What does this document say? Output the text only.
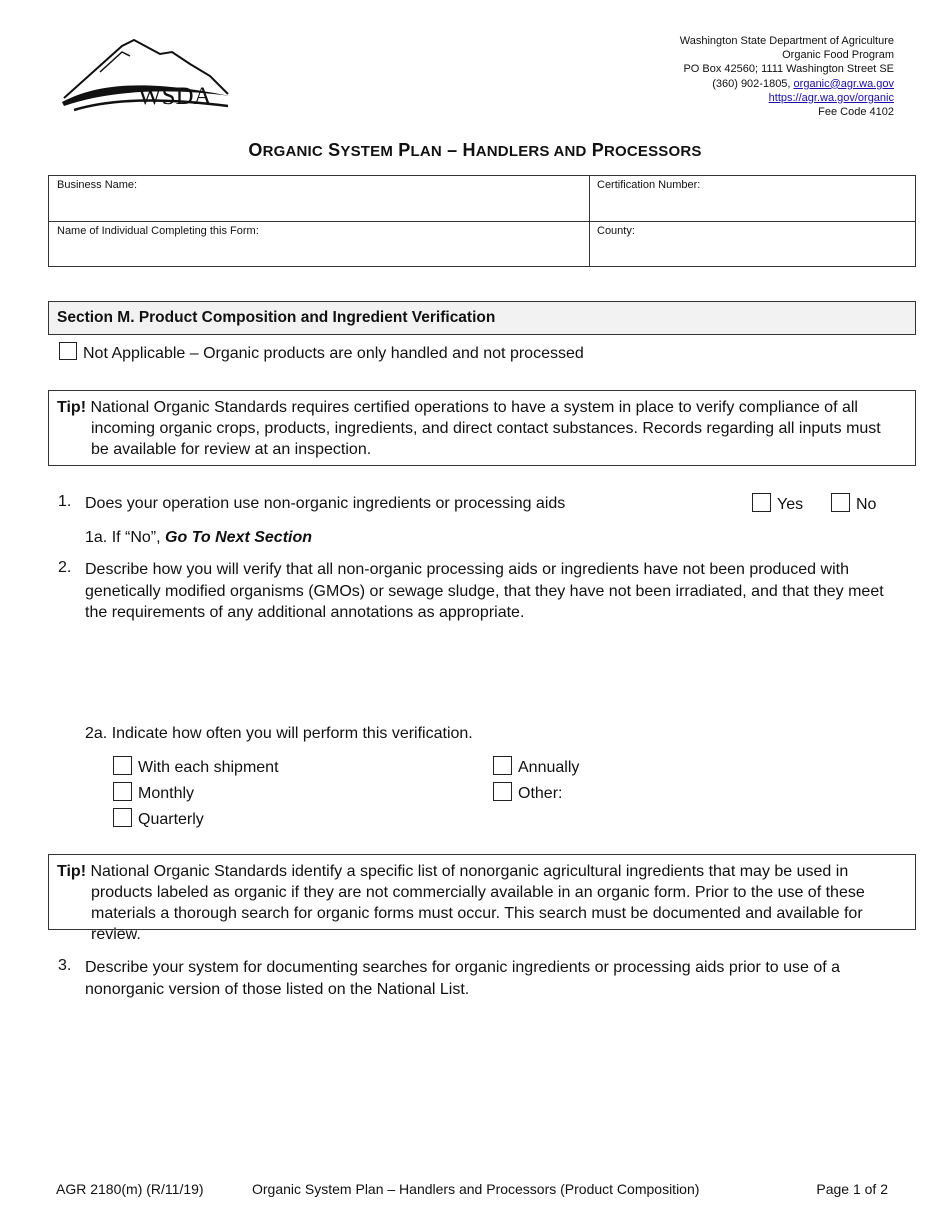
WSDA
Washington State Department of Agriculture
Organic Food Program
PO Box 42560; 1111 Washington Street SE
(360) 902-1805, organic@agr.wa.gov
https://agr.wa.gov/organic
Fee Code 4102
ORGANIC SYSTEM PLAN – HANDLERS AND PROCESSORS
Business Name:	Certification Number:
Name of Individual Completing this Form:	County:
Section M. Product Composition and Ingredient Verification
Not Applicable – Organic products are only handled and not processed
Tip! National Organic Standards requires certified operations to have a system in place to verify compliance of all incoming organic crops, products, ingredients, and direct contact substances. Records regarding all inputs must be available for review at an inspection.
1. Does your operation use non-organic ingredients or processing aids	Yes	No
1a. If “No”, Go To Next Section
2. Describe how you will verify that all non-organic processing aids or ingredients have not been produced with genetically modified organisms (GMOs) or sewage sludge, that they have not been irradiated, and that they meet the requirements of any additional annotations as appropriate.
2a. Indicate how often you will perform this verification.
With each shipment
Monthly
Quarterly
Annually
Other:
Tip! National Organic Standards identify a specific list of nonorganic agricultural ingredients that may be used in products labeled as organic if they are not commercially available in an organic form. Prior to the use of these materials a thorough search for organic forms must occur. This search must be documented and available for review.
3. Describe your system for documenting searches for organic ingredients or processing aids prior to use of a nonorganic version of those listed on the National List.
AGR 2180(m) (R/11/19)	Organic System Plan – Handlers and Processors (Product Composition)	Page 1 of 2
